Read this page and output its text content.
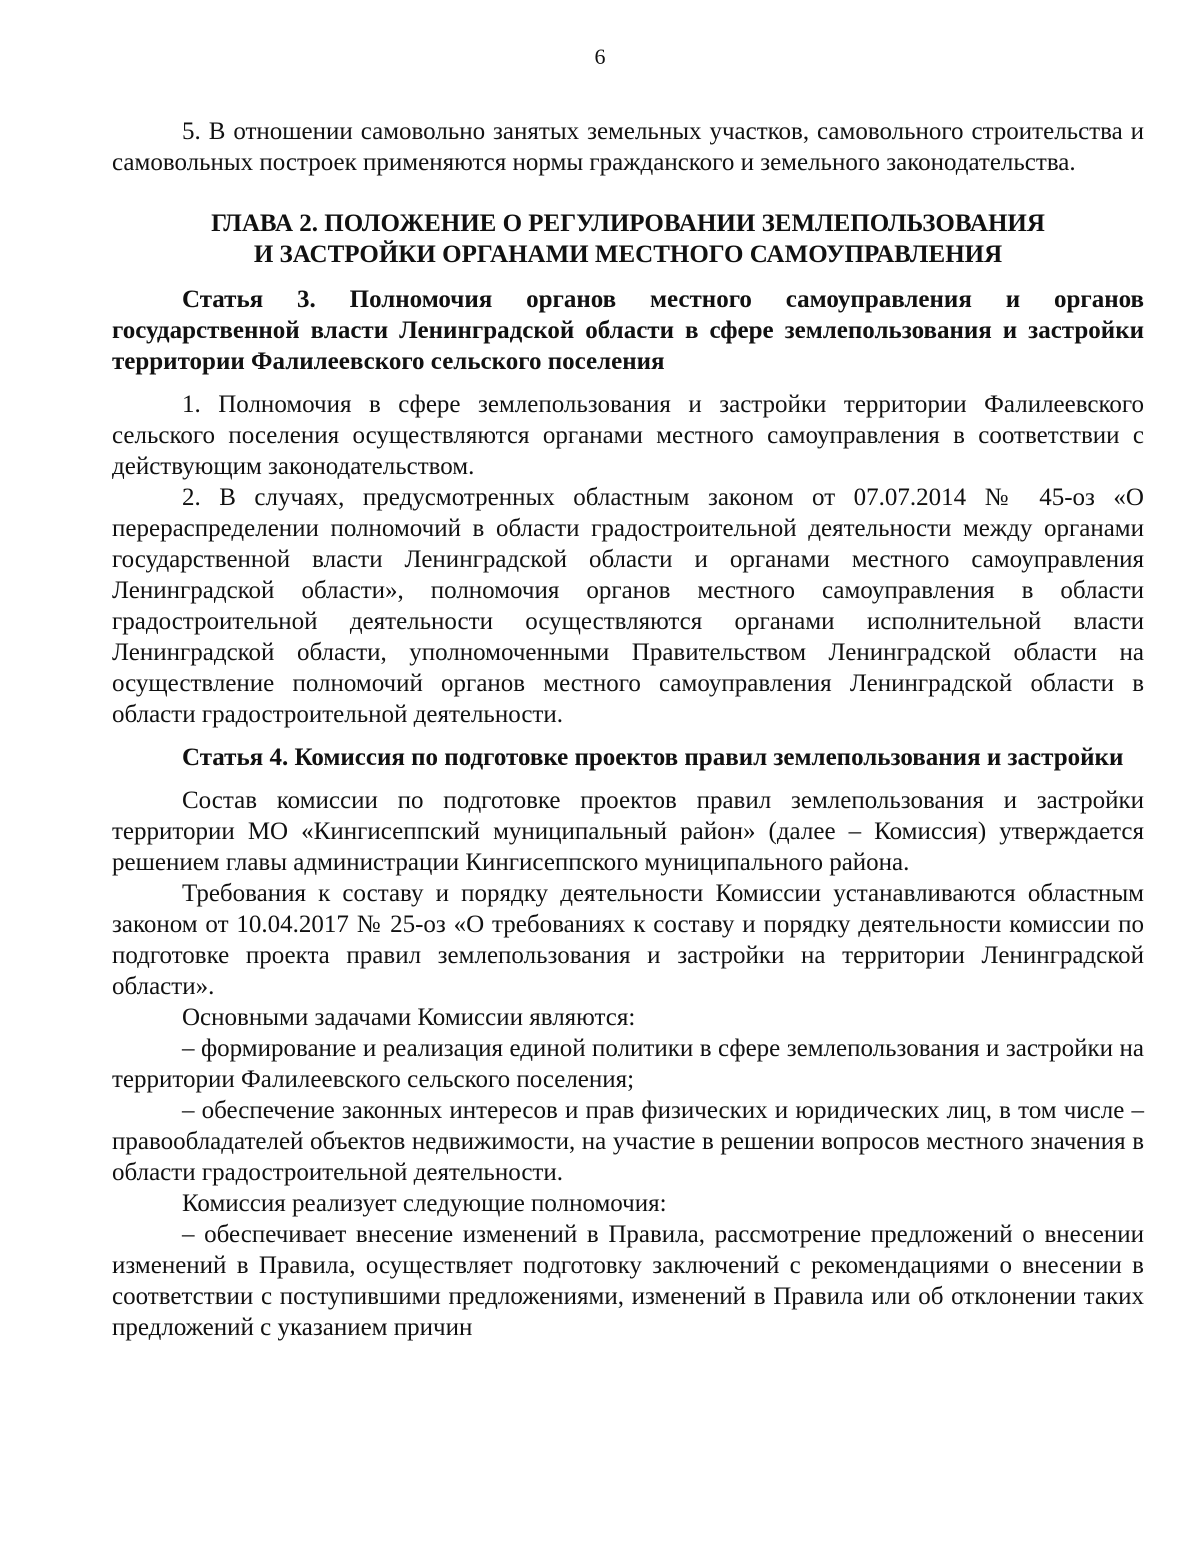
6

5. В отношении самовольно занятых земельных участков, самовольного строительства и самовольных построек применяются нормы гражданского и земельного законодательства.

ГЛАВА 2. ПОЛОЖЕНИЕ О РЕГУЛИРОВАНИИ ЗЕМЛЕПОЛЬЗОВАНИЯ
И ЗАСТРОЙКИ ОРГАНАМИ МЕСТНОГО САМОУПРАВЛЕНИЯ

Статья 3. Полномочия органов местного самоуправления и органов государственной власти Ленинградской области в сфере землепользования и застройки территории Фалилеевского сельского поселения

1. Полномочия в сфере землепользования и застройки территории Фалилеевского сельского поселения осуществляются органами местного самоуправления в соответствии с действующим законодательством.

2. В случаях, предусмотренных областным законом от 07.07.2014 № 45-оз «О перераспределении полномочий в области градостроительной деятельности между органами государственной власти Ленинградской области и органами местного самоуправления Ленинградской области», полномочия органов местного самоуправления в области градостроительной деятельности осуществляются органами исполнительной власти Ленинградской области, уполномоченными Правительством Ленинградской области на осуществление полномочий органов местного самоуправления Ленинградской области в области градостроительной деятельности.

Статья 4. Комиссия по подготовке проектов правил землепользования и застройки

Состав комиссии по подготовке проектов правил землепользования и застройки территории МО «Кингисеппский муниципальный район» (далее – Комиссия) утверждается решением главы администрации Кингисеппского муниципального района.

Требования к составу и порядку деятельности Комиссии устанавливаются областным законом от 10.04.2017 № 25-оз «О требованиях к составу и порядку деятельности комиссии по подготовке проекта правил землепользования и застройки на территории Ленинградской области».

Основными задачами Комиссии являются:

– формирование и реализация единой политики в сфере землепользования и застройки на территории Фалилеевского сельского поселения;

– обеспечение законных интересов и прав физических и юридических лиц, в том числе – правообладателей объектов недвижимости, на участие в решении вопросов местного значения в области градостроительной деятельности.

Комиссия реализует следующие полномочия:

– обеспечивает внесение изменений в Правила, рассмотрение предложений о внесении изменений в Правила, осуществляет подготовку заключений с рекомендациями о внесении в соответствии с поступившими предложениями, изменений в Правила или об отклонении таких предложений с указанием причин
